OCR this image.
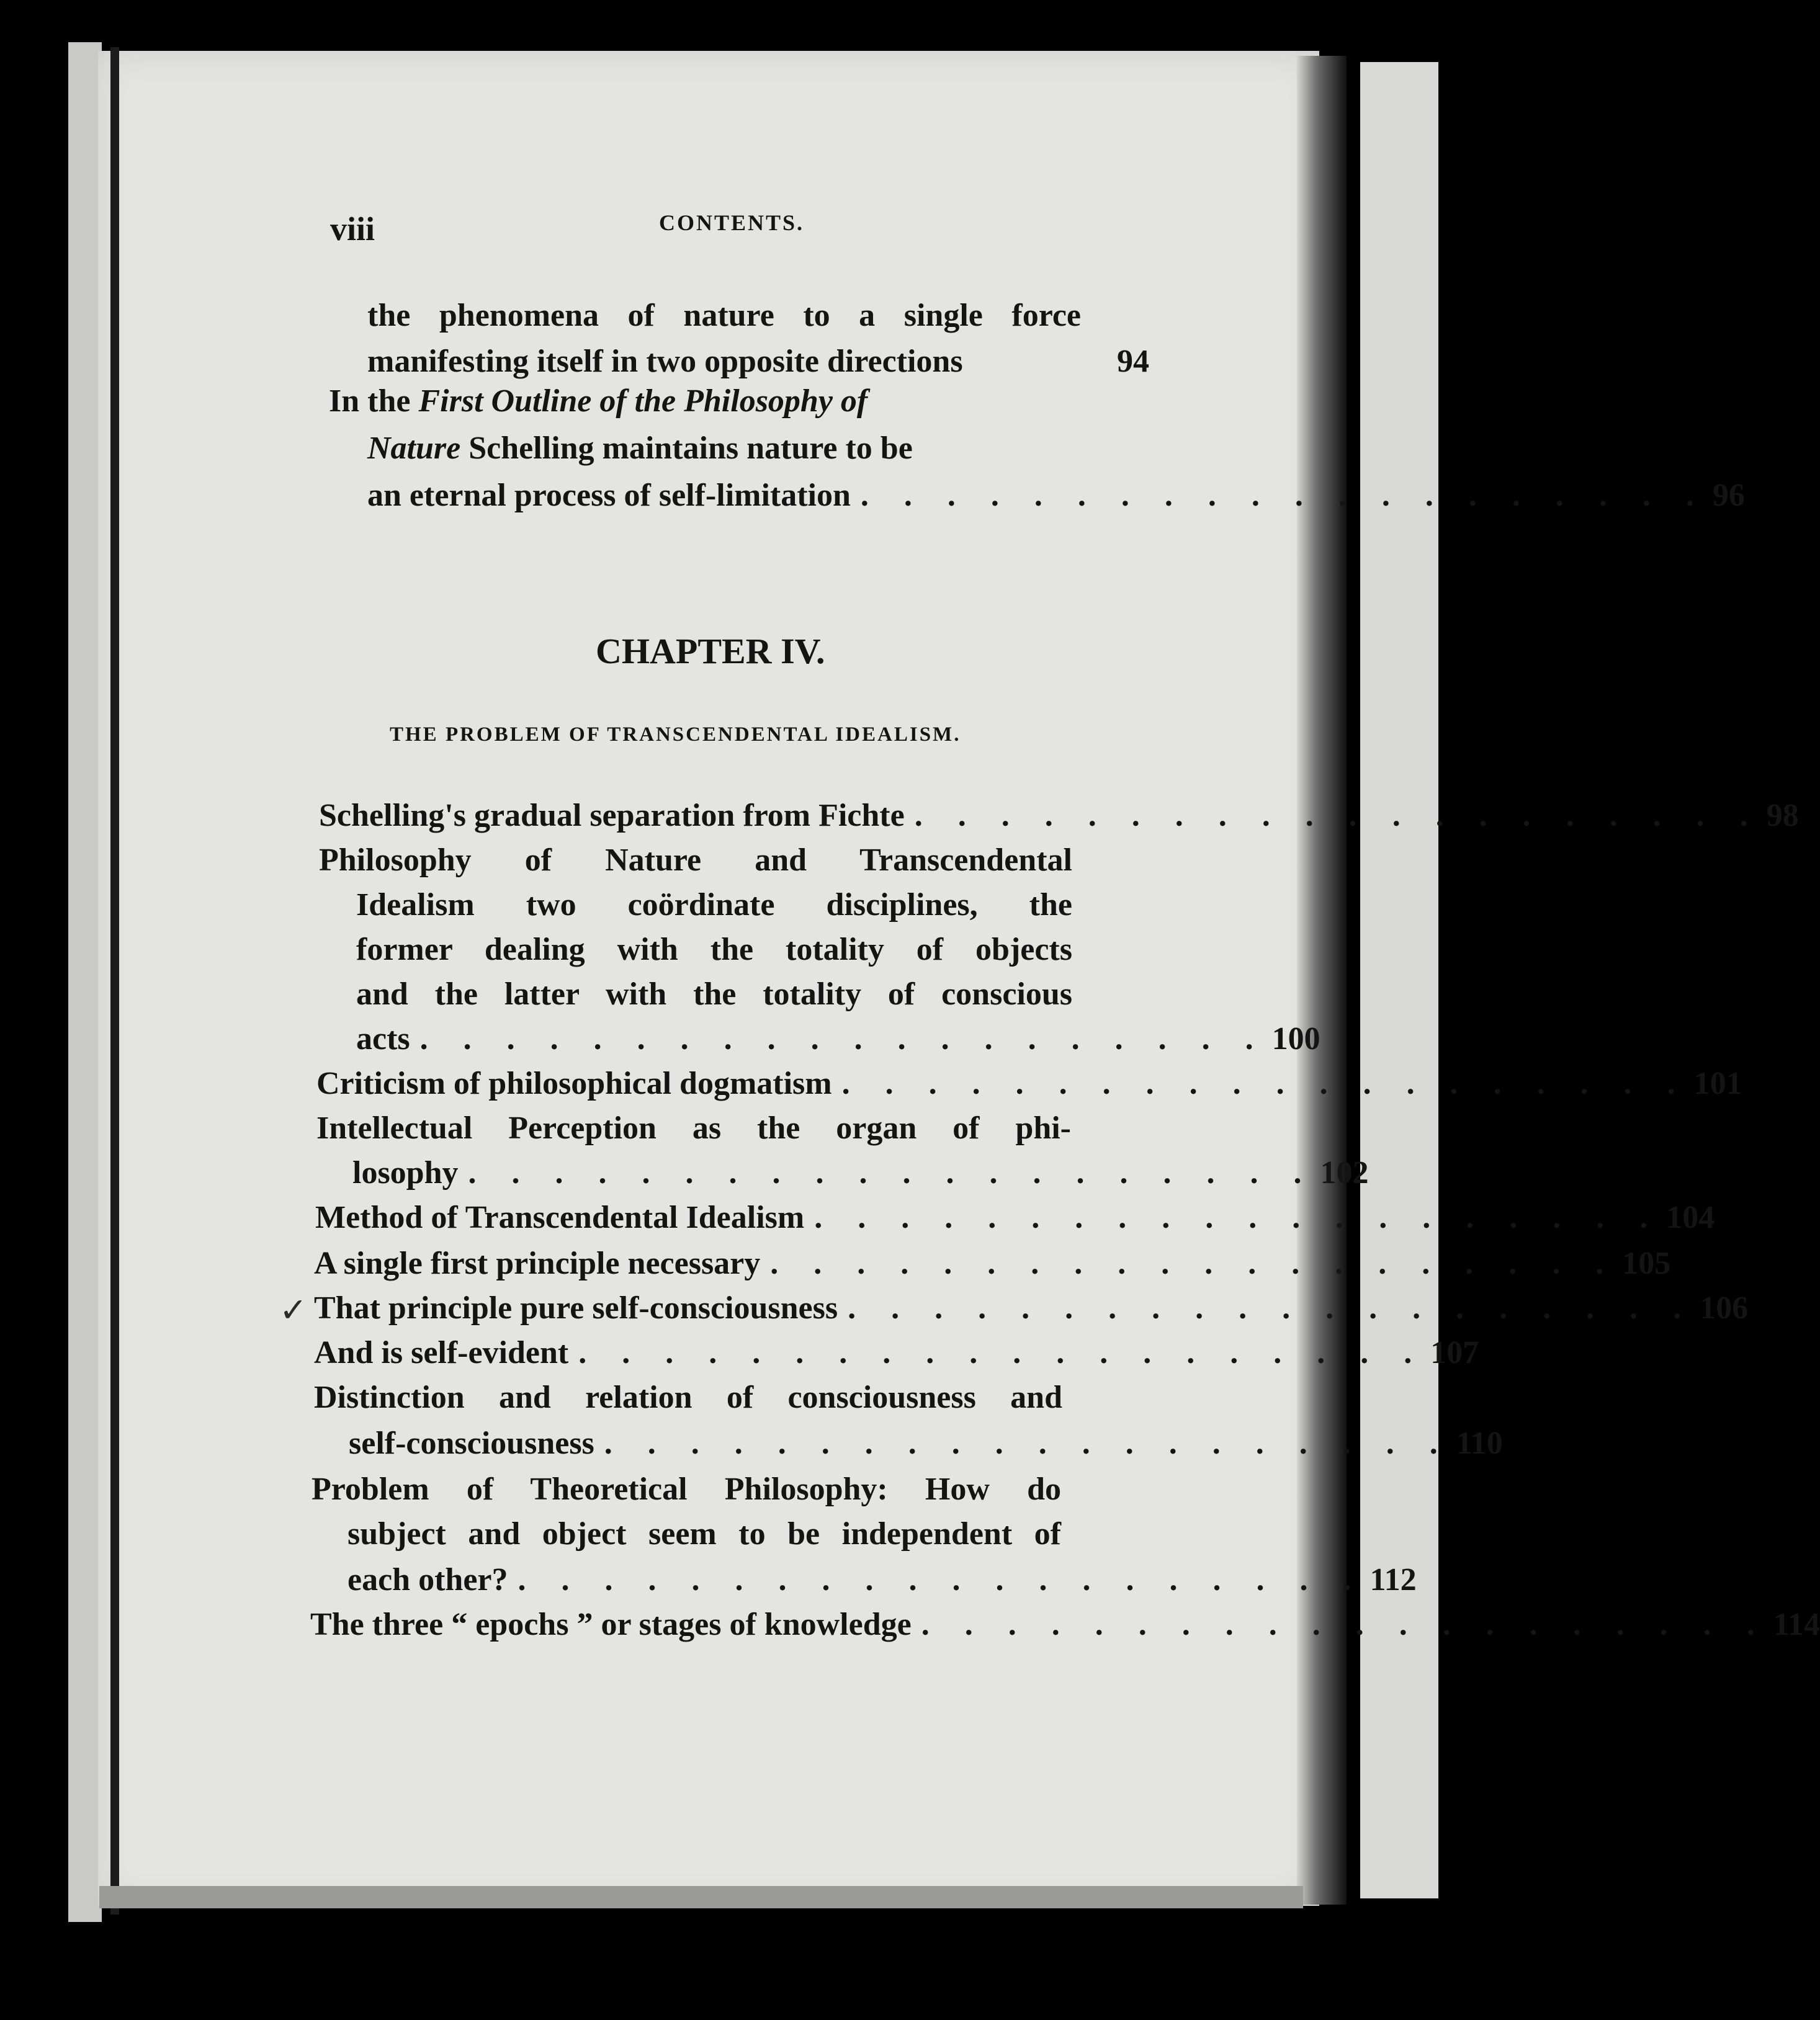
viii	CONTENTS.
the phenomena of nature to a single force
manifesting itself in two opposite directions	94
In the First Outline of the Philosophy of
Nature Schelling maintains nature to be
an eternal process of self-limitation . . . . . . . . . . . . . . . . . . . . 96
CHAPTER IV.
THE PROBLEM OF TRANSCENDENTAL IDEALISM.
Schelling's gradual separation from Fichte . . . . . . . . . . . . . . . . . . . . 98
Philosophy of Nature and Transcendental
Idealism two coördinate disciplines, the
former dealing with the totality of objects
and the latter with the totality of conscious
acts . . . . . . . . . . . . . . . . . . . . 100
Criticism of philosophical dogmatism . . . . . . . . . . . . . . . . . . . . 101
Intellectual Perception as the organ of phi-
losophy . . . . . . . . . . . . . . . . . . . . 102
Method of Transcendental Idealism . . . . . . . . . . . . . . . . . . . . 104
A single first principle necessary . . . . . . . . . . . . . . . . . . . . 105
✓ That principle pure self-consciousness . . . . . . . . . . . . . . . . . . . . 106
And is self-evident . . . . . . . . . . . . . . . . . . . . 107
Distinction and relation of consciousness and
self-consciousness . . . . . . . . . . . . . . . . . . . . 110
Problem of Theoretical Philosophy: How do
subject and object seem to be independent of
each other? . . . . . . . . . . . . . . . . . . . . 112
The three “ epochs ” or stages of knowledge . . . . . . . . . . . . . . . . . . . . 114
